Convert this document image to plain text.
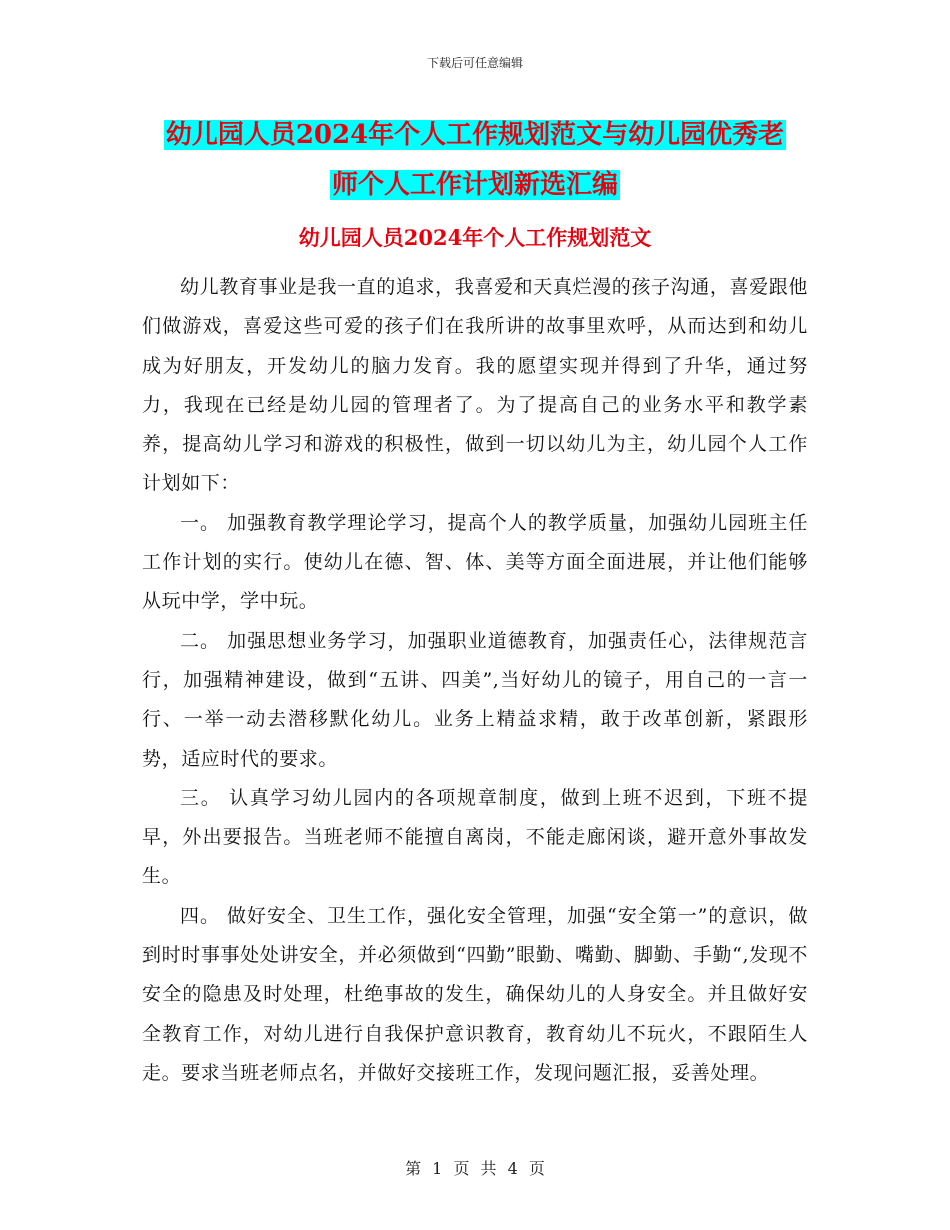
下载后可任意编辑
幼儿园人员2024年个人工作规划范文与幼儿园优秀老
师个人工作计划新选汇编
幼儿园人员2024年个人工作规划范文

幼儿教育事业是我一直的追求，我喜爱和天真烂漫的孩子沟通，喜爱跟他们做游戏，喜爱这些可爱的孩子们在我所讲的故事里欢呼，从而达到和幼儿成为好朋友，开发幼儿的脑力发育。我的愿望实现并得到了升华，通过努力，我现在已经是幼儿园的管理者了。为了提高自己的业务水平和教学素养，提高幼儿学习和游戏的积极性，做到一切以幼儿为主，幼儿园个人工作计划如下：

一。 加强教育教学理论学习，提高个人的教学质量，加强幼儿园班主任工作计划的实行。使幼儿在德、智、体、美等方面全面进展，并让他们能够从玩中学，学中玩。

二。 加强思想业务学习，加强职业道德教育，加强责任心，法律规范言行，加强精神建设，做到“五讲、四美”,当好幼儿的镜子，用自己的一言一行、一举一动去潜移默化幼儿。业务上精益求精，敢于改革创新，紧跟形势，适应时代的要求。

三。 认真学习幼儿园内的各项规章制度，做到上班不迟到，下班不提早，外出要报告。当班老师不能擅自离岗，不能走廊闲谈，避开意外事故发生。

四。 做好安全、卫生工作，强化安全管理，加强“安全第一”的意识，做到时时事事处处讲安全，并必须做到“四勤”眼勤、嘴勤、脚勤、手勤“,发现不安全的隐患及时处理，杜绝事故的发生，确保幼儿的人身安全。并且做好安全教育工作，对幼儿进行自我保护意识教育，教育幼儿不玩火，不跟陌生人走。要求当班老师点名，并做好交接班工作，发现问题汇报，妥善处理。

第 1 页 共 4 页
